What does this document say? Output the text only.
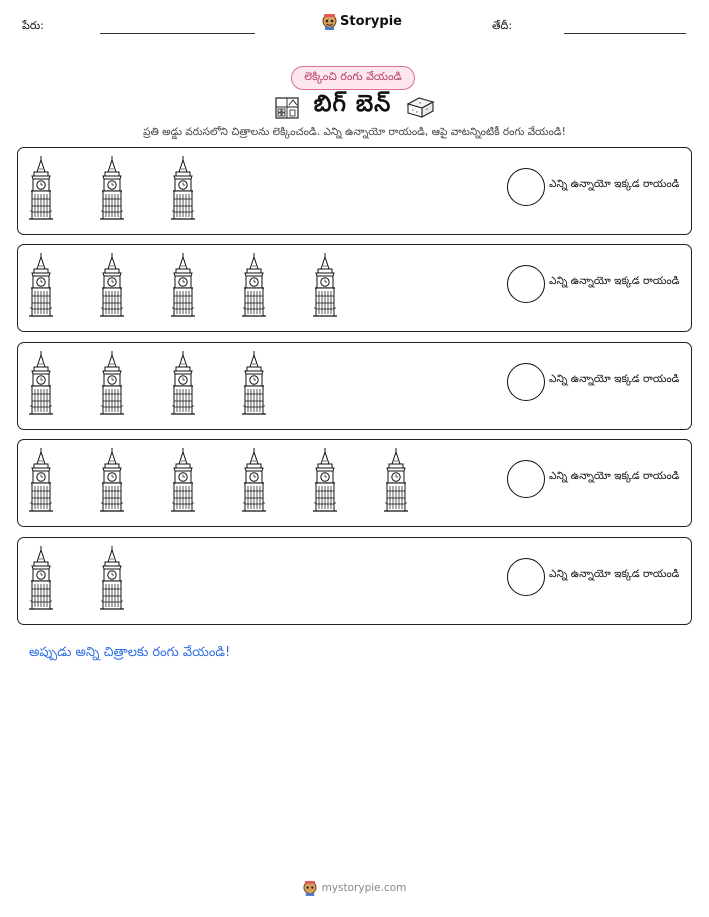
పేరు:	Storypie	తేదీ:
లెక్కించి రంగు వేయండి
బిగ్ బెన్
ప్రతి అడ్డు వరుసలోని చిత్రాలను లెక్కించండి. ఎన్ని ఉన్నాయో రాయండి, ఆపై వాటన్నింటికీ రంగు వేయండి!
ఎన్ని ఉన్నాయో ఇక్కడ రాయండి
ఎన్ని ఉన్నాయో ఇక్కడ రాయండి
ఎన్ని ఉన్నాయో ఇక్కడ రాయండి
ఎన్ని ఉన్నాయో ఇక్కడ రాయండి
ఎన్ని ఉన్నాయో ఇక్కడ రాయండి
అప్పుడు అన్ని చిత్రాలకు రంగు వేయండి!
mystorypie.com
